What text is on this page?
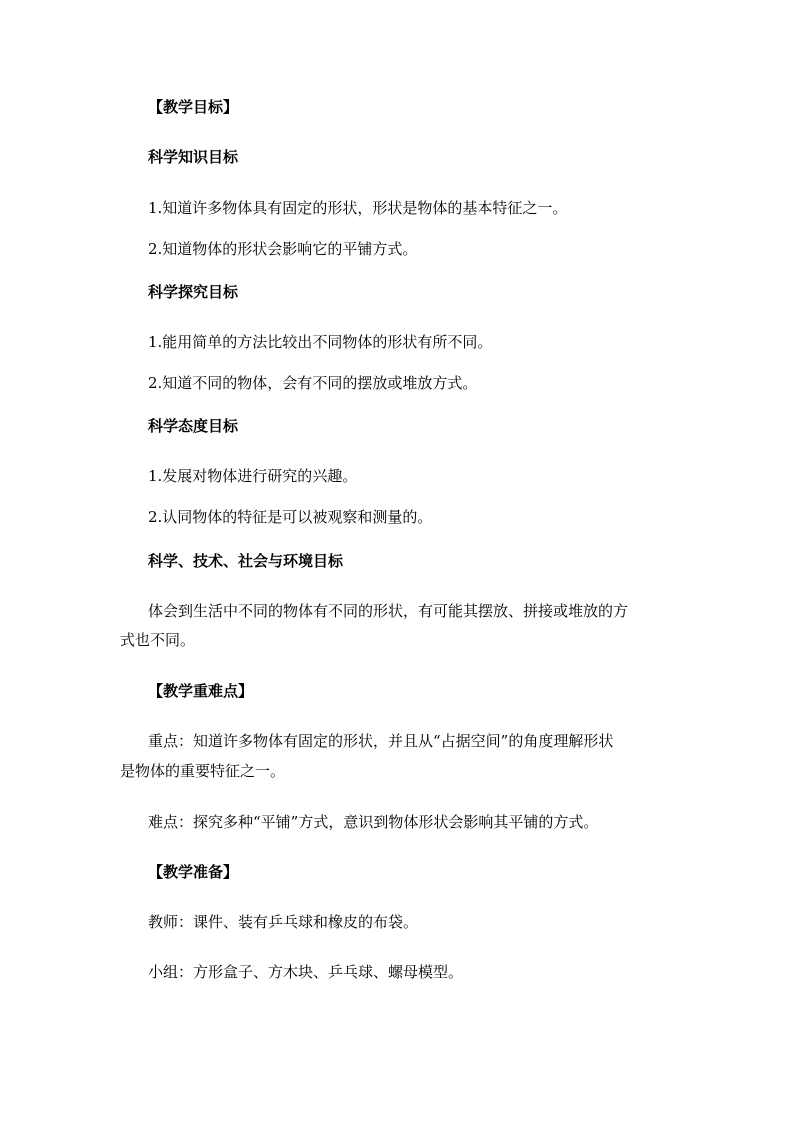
【教学目标】
科学知识目标
1.知道许多物体具有固定的形状，形状是物体的基本特征之一。
2.知道物体的形状会影响它的平铺方式。
科学探究目标
1.能用简单的方法比较出不同物体的形状有所不同。
2.知道不同的物体，会有不同的摆放或堆放方式。
科学态度目标
1.发展对物体进行研究的兴趣。
2.认同物体的特征是可以被观察和测量的。
科学、技术、社会与环境目标
体会到生活中不同的物体有不同的形状，有可能其摆放、拼接或堆放的方
式也不同。
【教学重难点】
重点：知道许多物体有固定的形状，并且从“占据空间”的角度理解形状
是物体的重要特征之一。
难点：探究多种“平铺”方式，意识到物体形状会影响其平铺的方式。
【教学准备】
教师：课件、装有乒乓球和橡皮的布袋。
小组：方形盒子、方木块、乒乓球、螺母模型。
